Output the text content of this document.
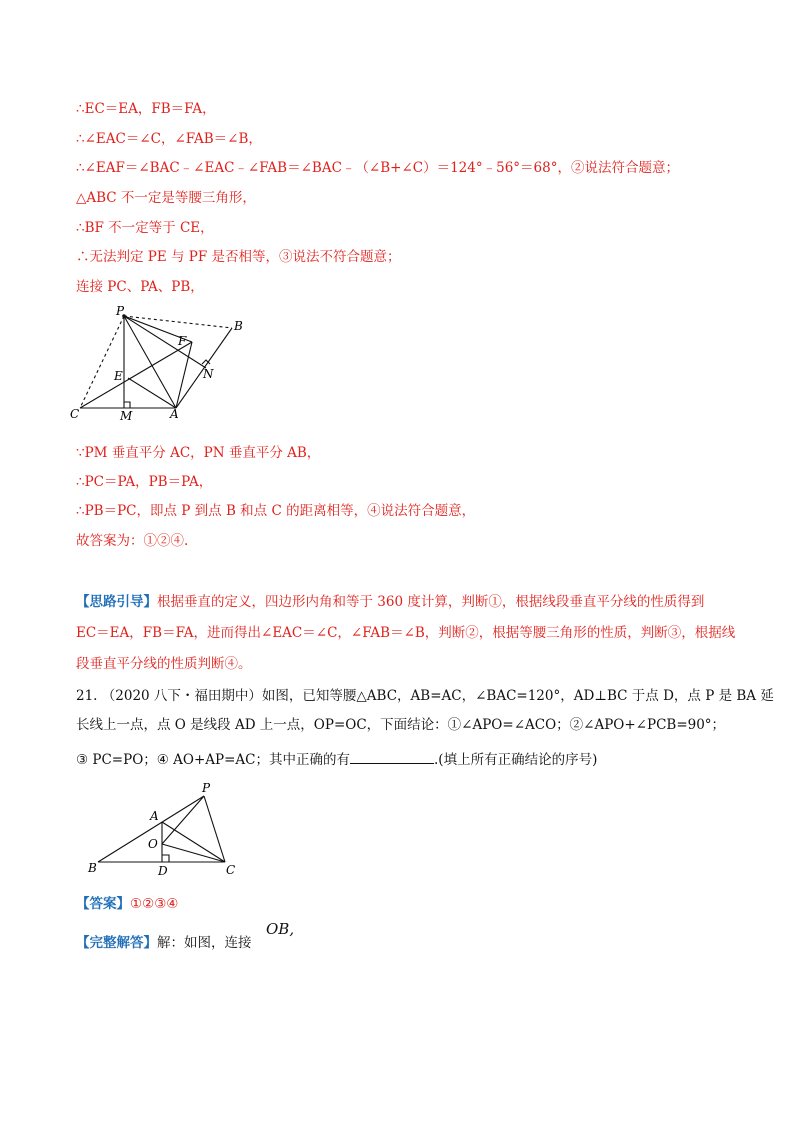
∴EC＝EA，FB＝FA，
∴∠EAC＝∠C，∠FAB＝∠B，
∴∠EAF＝∠BAC﹣∠EAC﹣∠FAB＝∠BAC﹣（∠B+∠C）＝124°﹣56°＝68°，②说法符合题意；
△ABC 不一定是等腰三角形，
∴BF 不一定等于 CE，
∴无法判定 PE 与 PF 是否相等，③说法不符合题意；
连接 PC、PA、PB，
P
B
F
N
E
C	M	A
∵PM 垂直平分 AC，PN 垂直平分 AB，
∴PC＝PA，PB＝PA，
∴PB＝PC，即点 P 到点 B 和点 C 的距离相等，④说法符合题意，
故答案为：①②④.
【思路引导】根据垂直的定义，四边形内角和等于 360 度计算，判断①，根据线段垂直平分线的性质得到
EC＝EA，FB＝FA，进而得出∠EAC＝∠C，∠FAB＝∠B，判断②，根据等腰三角形的性质，判断③，根据线
段垂直平分线的性质判断④。
21. （2020 八下・福田期中）如图，已知等腰△ABC，AB=AC，∠BAC=120°，AD⊥BC 于点 D，点 P 是 BA 延
长线上一点，点 O 是线段 AD 上一点，OP=OC，下面结论：①∠APO=∠ACO；②∠APO+∠PCB=90°；
③ PC=PO；④ AO+AP=AC；其中正确的有	.(填上所有正确结论的序号)
P
A
O
B	D	C
【答案】①②③④
【完整解答】解：如图，连接
OB,
